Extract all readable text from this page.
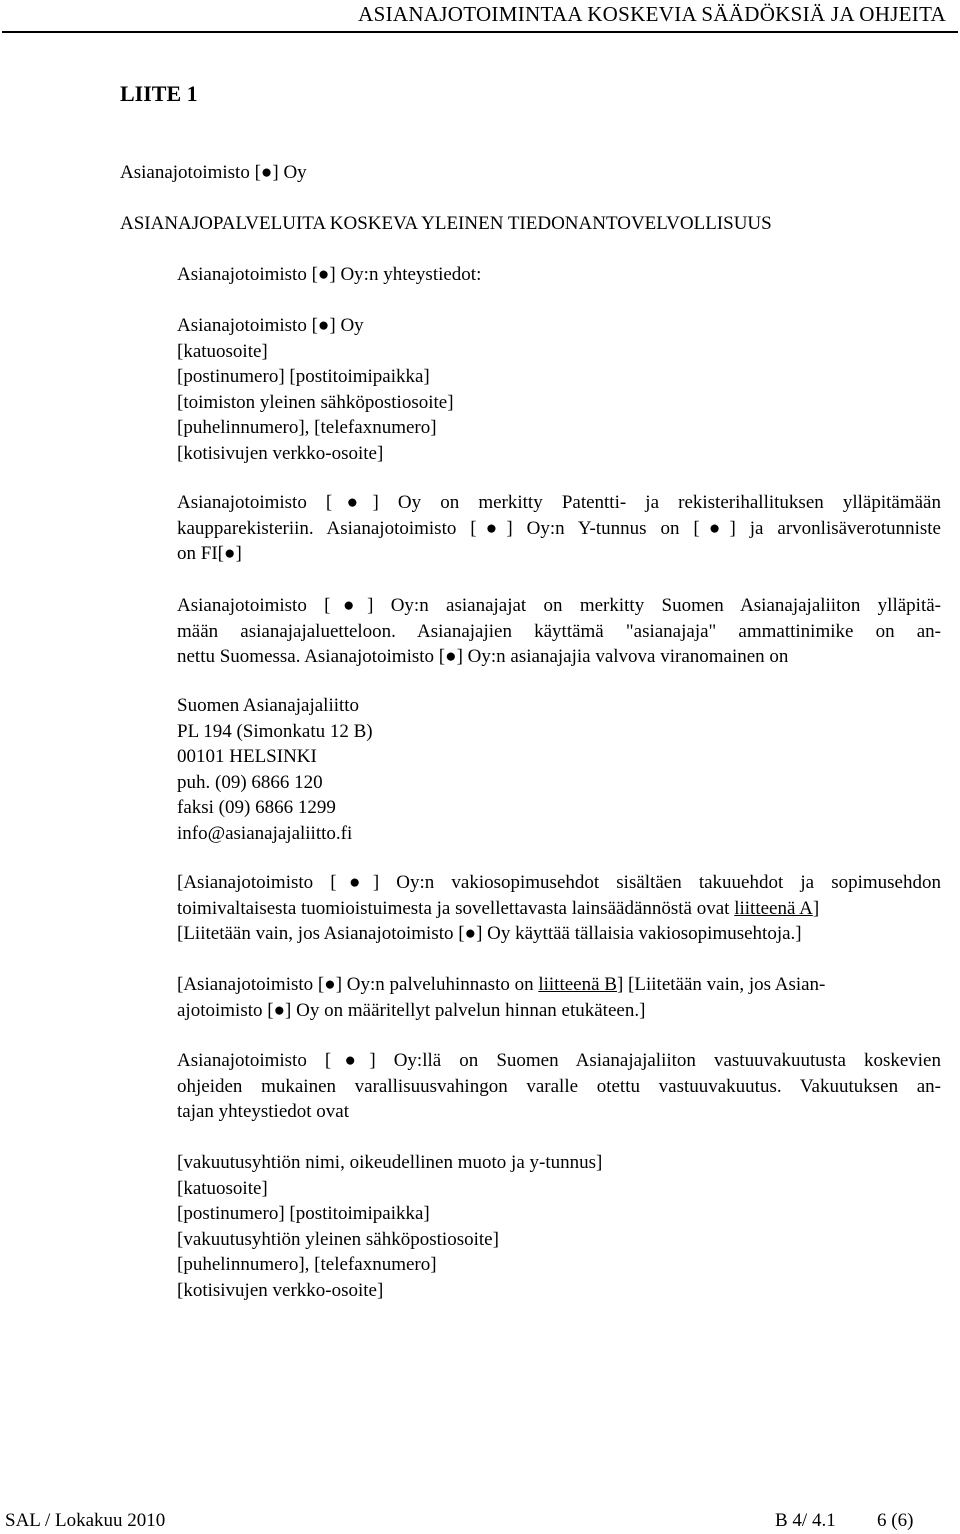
ASIANAJOTOIMINTAA KOSKEVIA SÄÄDÖKSIÄ JA OHJEITA
LIITE 1
Asianajotoimisto [●] Oy
ASIANAJOPALVELUITA KOSKEVA YLEINEN TIEDONANTOVELVOLLISUUS
Asianajotoimisto [●] Oy:n yhteystiedot:
Asianajotoimisto [●] Oy
[katuosoite]
[postinumero] [postitoimipaikka]
[toimiston yleinen sähköpostiosoite]
[puhelinnumero], [telefaxnumero]
[kotisivujen verkko-osoite]
Asianajotoimisto [●] Oy on merkitty Patentti- ja rekisterihallituksen ylläpitämään
kaupparekisteriin. Asianajotoimisto [●] Oy:n Y-tunnus on [●] ja arvonlisäverotunniste
on FI[●]
Asianajotoimisto [●] Oy:n asianajajat on merkitty Suomen Asianajajaliiton ylläpitä-
mään asianajajaluetteloon. Asianajajien käyttämä "asianajaja" ammattinimike on an-
nettu Suomessa. Asianajotoimisto [●] Oy:n asianajajia valvova viranomainen on
Suomen Asianajajaliitto
PL 194 (Simonkatu 12 B)
00101 HELSINKI
puh. (09) 6866 120
faksi (09) 6866 1299
info@asianajajaliitto.fi
[Asianajotoimisto [●] Oy:n vakiosopimusehdot sisältäen takuuehdot ja sopimusehdon
toimivaltaisesta tuomioistuimesta ja sovellettavasta lainsäädännöstä ovat liitteenä A]
[Liitetään vain, jos Asianajotoimisto [●] Oy käyttää tällaisia vakiosopimusehtoja.]
[Asianajotoimisto [●] Oy:n palveluhinnasto on liitteenä B] [Liitetään vain, jos Asian-
ajotoimisto [●] Oy on määritellyt palvelun hinnan etukäteen.]
Asianajotoimisto [●] Oy:llä on Suomen Asianajajaliiton vastuuvakuutusta koskevien
ohjeiden mukainen varallisuusvahingon varalle otettu vastuuvakuutus. Vakuutuksen an-
tajan yhteystiedot ovat
[vakuutusyhtiön nimi, oikeudellinen muoto ja y-tunnus]
[katuosoite]
[postinumero] [postitoimipaikka]
[vakuutusyhtiön yleinen sähköpostiosoite]
[puhelinnumero], [telefaxnumero]
[kotisivujen verkko-osoite]
SAL / Lokakuu 2010	B 4/ 4.1 6 (6)
